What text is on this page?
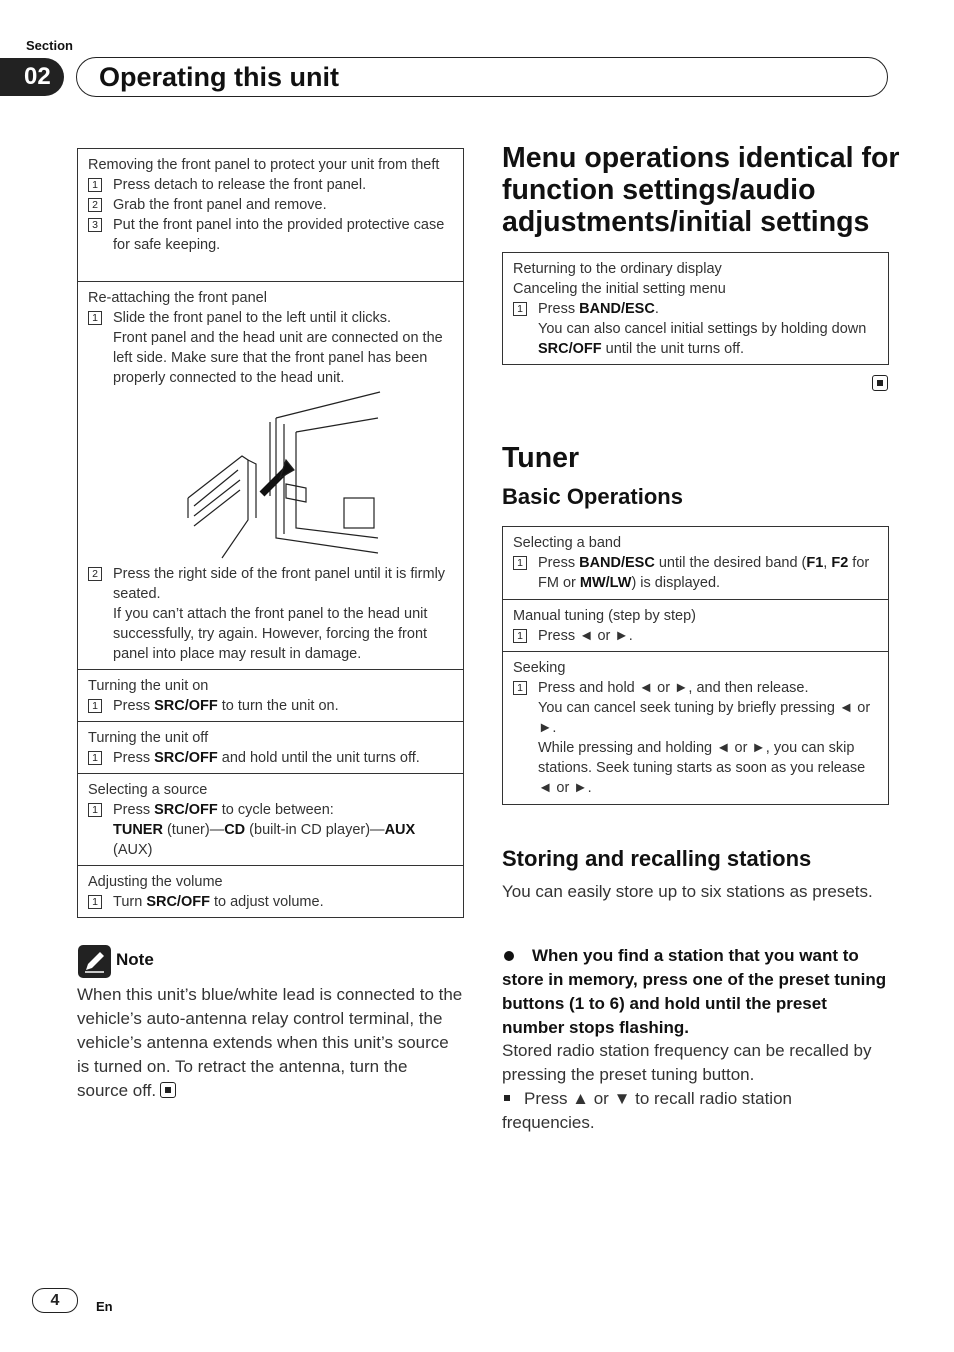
Section
02	Operating this unit
Removing the front panel to protect your unit from theft
1 Press detach to release the front panel.
2 Grab the front panel and remove.
3 Put the front panel into the provided protective case for safe keeping.
Re-attaching the front panel
1 Slide the front panel to the left until it clicks.
Front panel and the head unit are connected on the left side. Make sure that the front panel has been properly connected to the head unit.
2 Press the right side of the front panel until it is firmly seated.
If you can’t attach the front panel to the head unit successfully, try again. However, forcing the front panel into place may result in damage.
Turning the unit on
1 Press SRC/OFF to turn the unit on.
Turning the unit off
1 Press SRC/OFF and hold until the unit turns off.
Selecting a source
1 Press SRC/OFF to cycle between:
TUNER (tuner)—CD (built-in CD player)—AUX
(AUX)
Adjusting the volume
1 Turn SRC/OFF to adjust volume.
Note
When this unit’s blue/white lead is connected to the vehicle’s auto-antenna relay control terminal, the vehicle’s antenna extends when this unit’s source is turned on. To retract the antenna, turn the source off.
Menu operations identical for function settings/audio adjustments/initial settings
Returning to the ordinary display
Canceling the initial setting menu
1 Press BAND/ESC.
You can also cancel initial settings by holding down SRC/OFF until the unit turns off.
Tuner
Basic Operations
Selecting a band
1 Press BAND/ESC until the desired band (F1, F2 for FM or MW/LW) is displayed.
Manual tuning (step by step)
1 Press ◄ or ►.
Seeking
1 Press and hold ◄ or ►, and then release.
You can cancel seek tuning by briefly pressing ◄ or ►.
While pressing and holding ◄ or ►, you can skip stations. Seek tuning starts as soon as you release ◄ or ►.
Storing and recalling stations
You can easily store up to six stations as presets.
When you find a station that you want to store in memory, press one of the preset tuning buttons (1 to 6) and hold until the preset number stops flashing.
Stored radio station frequency can be recalled by pressing the preset tuning button.
Press ▲ or ▼ to recall radio station frequencies.
4	En
